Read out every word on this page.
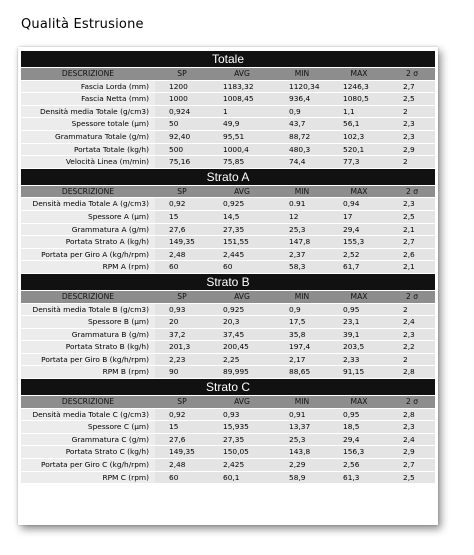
Qualità Estrusione
Totale					
DESCRIZIONE	SP	AVG	MIN	MAX	2 σ
Fascia Lorda (mm)	1200	1183,32	1120,34	1246,3	2,7
Fascia Netta (mm)	1000	1008,45	936,4	1080,5	2,5
Densità media Totale (g/cm3)	0,924	1	0,9	1,1	2
Spessore totale (μm)	50	49,9	43,7	56,1	2,3
Grammatura Totale (g/m)	92,40	95,51	88,72	102,3	2,3
Portata Totale (kg/h)	500	1000,4	480,3	520,1	2,9
Velocità Linea (m/min)	75,16	75,85	74,4	77,3	2
Strato A					
DESCRIZIONE	SP	AVG	MIN	MAX	2 σ
Densità media Totale A (g/cm3)	0,92	0,925	0.91	0,94	2,3
Spessore A (μm)	15	14,5	12	17	2,5
Grammatura A (g/m)	27,6	27,35	25,3	29,4	2,1
Portata Strato A (kg/h)	149,35	151,55	147,8	155,3	2,7
Portata per Giro A (kg/h/rpm)	2,48	2,445	2,37	2,52	2,6
RPM A (rpm)	60	60	58,3	61,7	2,1
Strato B					
DESCRIZIONE	SP	AVG	MIN	MAX	2 σ
Densità media Totale B (g/cm3)	0,93	0,925	0,9	0,95	2
Spessore B (μm)	20	20,3	17,5	23,1	2,4
Grammatura B (g/m)	37,2	37,45	35,8	39,1	2,3
Portata Strato B (kg/h)	201,3	200,45	197,4	203,5	2,2
Portata per Giro B (kg/h/rpm)	2,23	2,25	2,17	2,33	2
RPM B (rpm)	90	89,995	88,65	91,15	2,8
Strato C					
DESCRIZIONE	SP	AVG	MIN	MAX	2 σ
Densità media Totale C (g/cm3)	0,92	0,93	0,91	0,95	2,8
Spessore C (μm)	15	15,935	13,37	18,5	2,3
Grammatura C (g/m)	27,6	27,35	25,3	29,4	2,4
Portata Strato C (kg/h)	149,35	150,05	143,8	156,3	2,9
Portata per Giro C (kg/h/rpm)	2,48	2,425	2,29	2,56	2,7
RPM C (rpm)	60	60,1	58,9	61,3	2,5
